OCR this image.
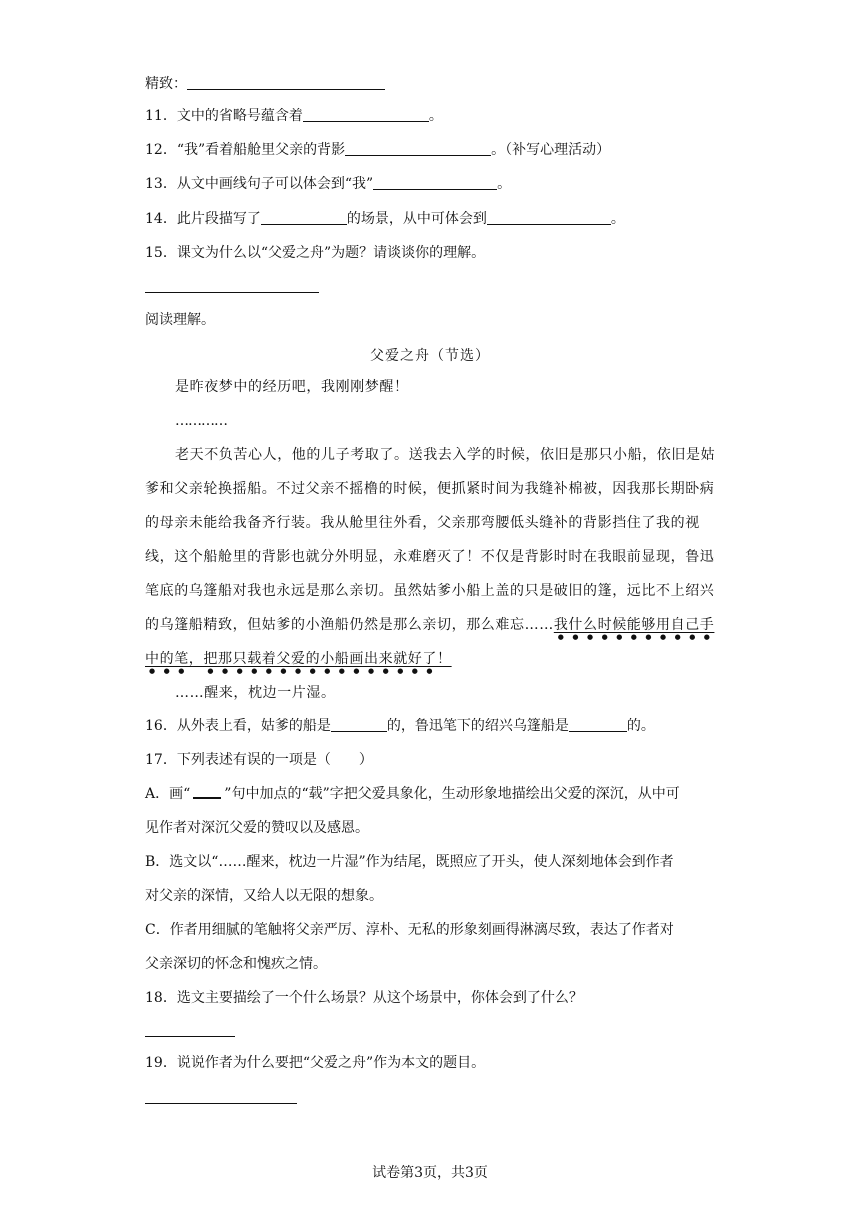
精致：
11．文中的省略号蕴含着	。
12．“我”看着船舱里父亲的背影	。（补写心理活动）
13．从文中画线句子可以体会到“我”	。
14．此片段描写了	的场景，从中可体会到	。
15．课文为什么以“父爱之舟”为题？请谈谈你的理解。
阅读理解。
父爱之舟（节选）

是昨夜梦中的经历吧，我刚刚梦醒！

…………

老天不负苦心人，他的儿子考取了。送我去入学的时候，依旧是那只小船，依旧是姑爹和父亲轮换摇船。不过父亲不摇橹的时候，便抓紧时间为我缝补棉被，因我那长期卧病的母亲未能给我备齐行装。我从舱里往外看，父亲那弯腰低头缝补的背影挡住了我的视线，这个船舱里的背影也就分外明显，永难磨灭了！不仅是背影时时在我眼前显现，鲁迅笔底的乌篷船对我也永远是那么亲切。虽然姑爹小船上盖的只是破旧的篷，远比不上绍兴的乌篷船精致，但姑爹的小渔船仍然是那么亲切，那么难忘……我什么时候能够用自己手中的笔，把那只载着父爱的小船画出来就好了！

……醒来，枕边一片湿。

16．从外表上看，姑爹的船是	的，鲁迅笔下的绍兴乌篷船是	的。
17．下列表述有误的一项是（　　）
A．画“ ”句中加点的“载”字把父爱具象化，生动形象地描绘出父爱的深沉，从中可
见作者对深沉父爱的赞叹以及感恩。
B．选文以“……醒来，枕边一片湿”作为结尾，既照应了开头，使人深刻地体会到作者
对父亲的深情，又给人以无限的想象。
C．作者用细腻的笔触将父亲严厉、淳朴、无私的形象刻画得淋漓尽致，表达了作者对
父亲深切的怀念和愧疚之情。
18．选文主要描绘了一个什么场景？从这个场景中，你体会到了什么？
19．说说作者为什么要把“父爱之舟”作为本文的题目。
试卷第3页，共3页
